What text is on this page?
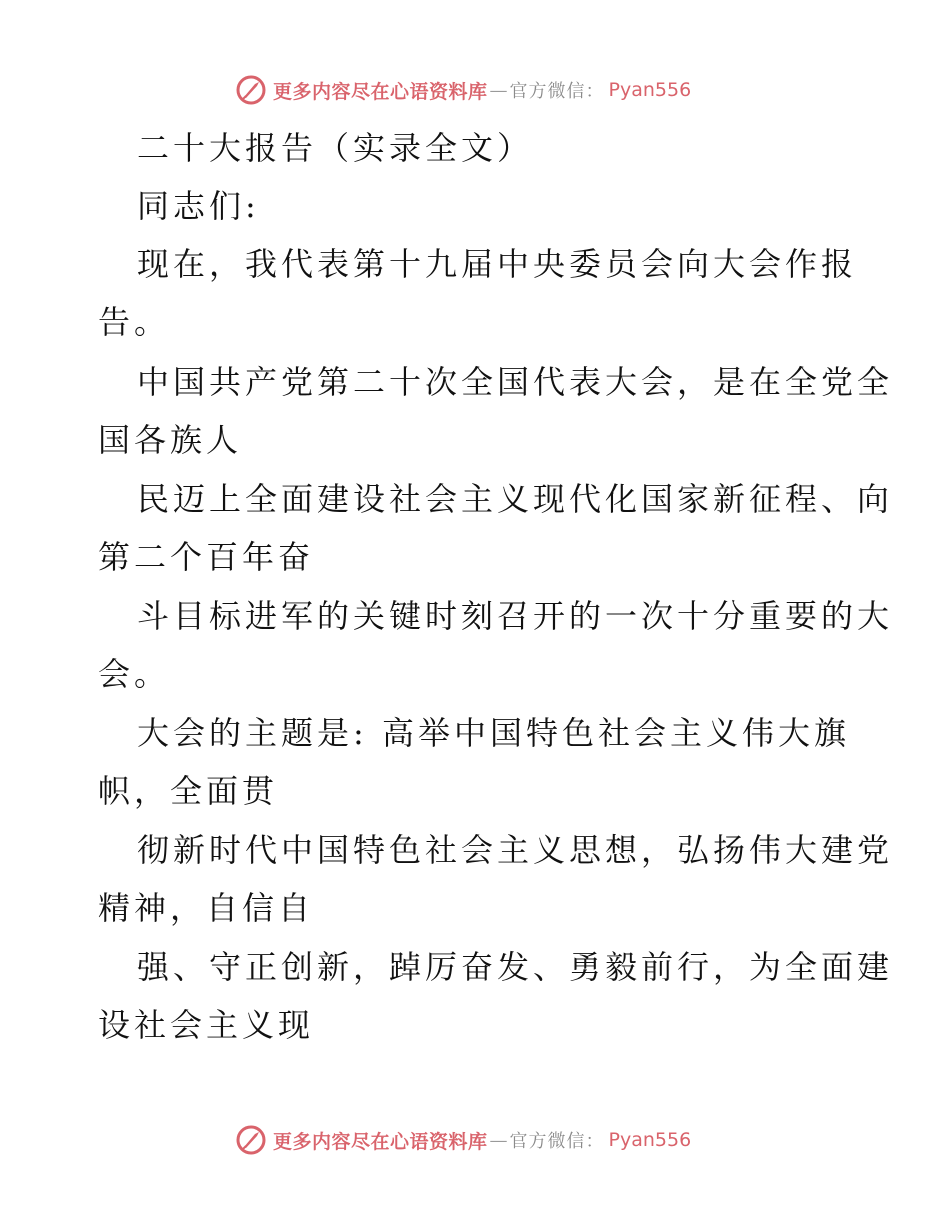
更多内容尽在心语资料库 — 官方微信： Pyan556
二十大报告（实录全文）
同志们:
现在，我代表第十九届中央委员会向大会作报
告。
中国共产党第二十次全国代表大会，是在全党全
国各族人
民迈上全面建设社会主义现代化国家新征程、向
第二个百年奋
斗目标进军的关键时刻召开的一次十分重要的大
会。
大会的主题是: 高举中国特色社会主义伟大旗
帜，全面贯
彻新时代中国特色社会主义思想，弘扬伟大建党
精神，自信自
强、守正创新，踔厉奋发、勇毅前行，为全面建
设社会主义现
更多内容尽在心语资料库 — 官方微信： Pyan556
